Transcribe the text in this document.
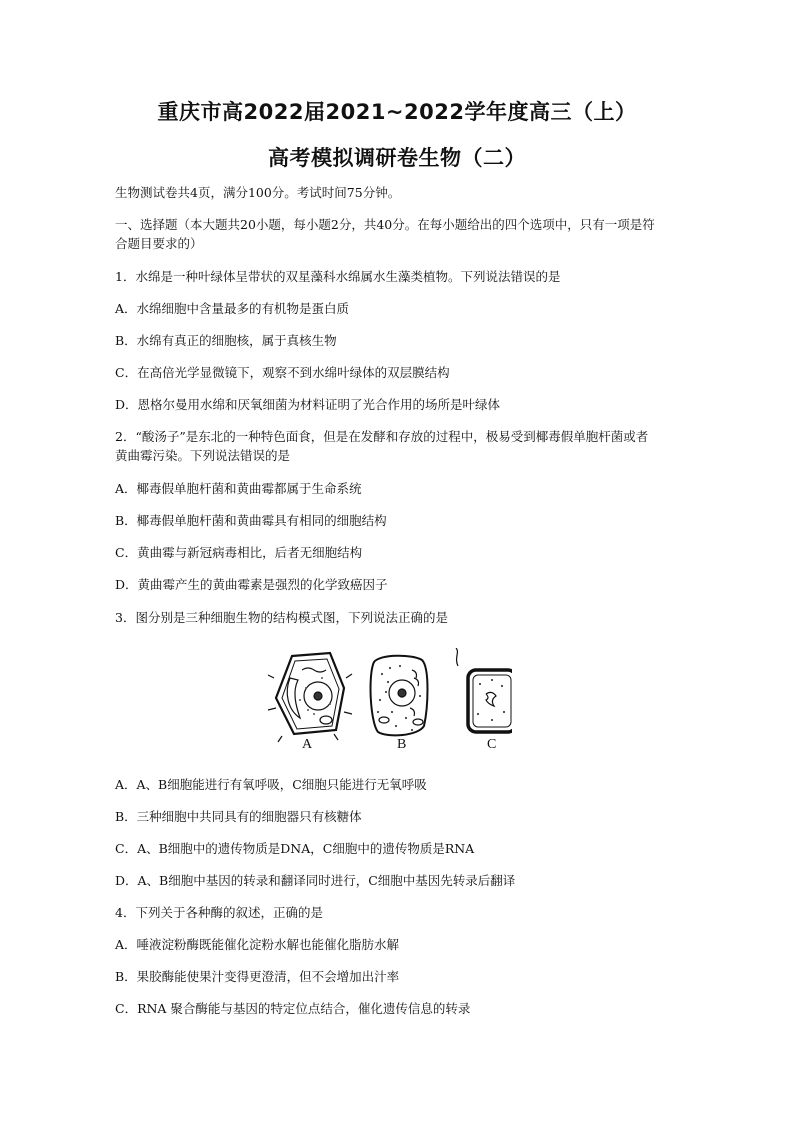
重庆市高2022届2021~2022学年度高三（上）
高考模拟调研卷生物（二）
生物测试卷共4页，满分100分。考试时间75分钟。
一、选择题（本大题共20小题，每小题2分，共40分。在每小题给出的四个选项中，只有一项是符
合题目要求的）
1．水绵是一种叶绿体呈带状的双星藻科水绵属水生藻类植物。下列说法错误的是
A．水绵细胞中含量最多的有机物是蛋白质
B．水绵有真正的细胞核，属于真核生物
C．在高倍光学显微镜下，观察不到水绵叶绿体的双层膜结构
D．恩格尔曼用水绵和厌氧细菌为材料证明了光合作用的场所是叶绿体
2．“酸汤子”是东北的一种特色面食，但是在发酵和存放的过程中，极易受到椰毒假单胞杆菌或者
黄曲霉污染。下列说法错误的是
A．椰毒假单胞杆菌和黄曲霉都属于生命系统
B．椰毒假单胞杆菌和黄曲霉具有相同的细胞结构
C．黄曲霉与新冠病毒相比，后者无细胞结构
D．黄曲霉产生的黄曲霉素是强烈的化学致癌因子
3．图分别是三种细胞生物的结构模式图，下列说法正确的是
A	B	C
A．A、B细胞能进行有氧呼吸，C细胞只能进行无氧呼吸
B．三种细胞中共同具有的细胞器只有核糖体
C．A、B细胞中的遗传物质是DNA，C细胞中的遗传物质是RNA
D．A、B细胞中基因的转录和翻译同时进行，C细胞中基因先转录后翻译
4．下列关于各种酶的叙述，正确的是
A．唾液淀粉酶既能催化淀粉水解也能催化脂肪水解
B．果胶酶能使果汁变得更澄清，但不会增加出汁率
C．RNA 聚合酶能与基因的特定位点结合，催化遗传信息的转录
